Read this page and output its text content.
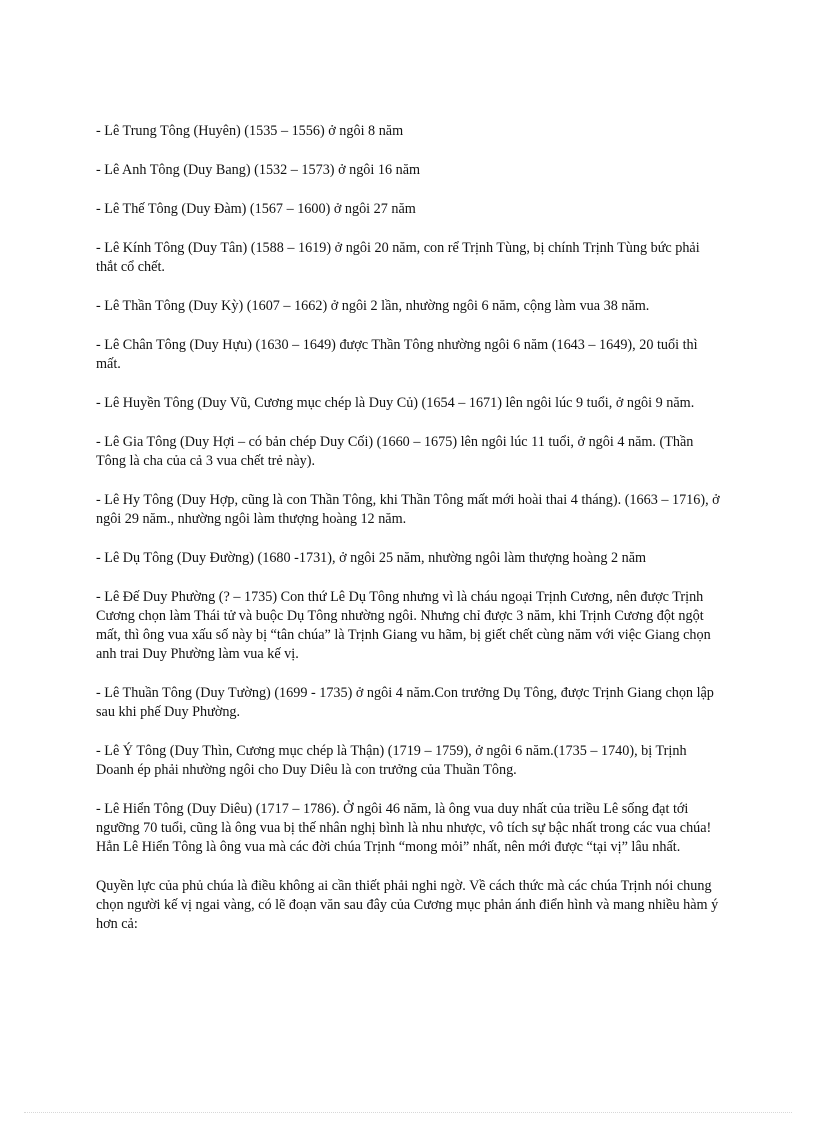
- Lê Trung Tông (Huyên) (1535 – 1556) ở ngôi 8 năm

- Lê Anh Tông (Duy Bang) (1532 – 1573) ở ngôi 16 năm

- Lê Thế Tông (Duy Đàm) (1567 – 1600) ở ngôi 27 năm

- Lê Kính Tông (Duy Tân) (1588 – 1619) ở ngôi 20 năm, con rể Trịnh Tùng, bị chính Trịnh Tùng bức phải thắt cổ chết.

- Lê Thần Tông (Duy Kỳ) (1607 – 1662) ở ngôi 2 lần, nhường ngôi 6 năm, cộng làm vua 38 năm.

- Lê Chân Tông (Duy Hựu) (1630 – 1649) được Thần Tông nhường ngôi 6 năm (1643 – 1649), 20 tuổi thì mất.

- Lê Huyền Tông (Duy Vũ, Cương mục chép là Duy Củ) (1654 – 1671) lên ngôi lúc 9 tuổi, ở ngôi 9 năm.

- Lê Gia Tông (Duy Hợi – có bản chép Duy Cối) (1660 – 1675) lên ngôi lúc 11 tuổi, ở ngôi 4 năm. (Thần Tông là cha của cả 3 vua chết trẻ này).

- Lê Hy Tông (Duy Hợp, cũng là con Thần Tông, khi Thần Tông mất mới hoài thai 4 tháng). (1663 – 1716), ở ngôi 29 năm., nhường ngôi làm thượng hoàng 12 năm.

- Lê Dụ Tông (Duy Đường) (1680 -1731), ở ngôi 25 năm, nhường ngôi làm thượng hoàng 2 năm

- Lê Đế Duy Phường (? – 1735) Con thứ Lê Dụ Tông nhưng vì là cháu ngoại Trịnh Cương, nên được Trịnh Cương chọn làm Thái tử và buộc Dụ Tông nhường ngôi. Nhưng chỉ được 3 năm, khi Trịnh Cương đột ngột mất, thì ông vua xấu số này bị “tân chúa” là Trịnh Giang vu hãm, bị giết chết cùng năm với việc Giang chọn anh trai Duy Phường làm vua kế vị.

- Lê Thuần Tông (Duy Tường) (1699 - 1735) ở ngôi 4 năm.Con trưởng Dụ Tông, được Trịnh Giang chọn lập sau khi phế Duy Phường.

- Lê Ý Tông (Duy Thìn, Cương mục chép là Thận) (1719 – 1759), ở ngôi 6 năm.(1735 – 1740), bị Trịnh Doanh ép phải nhường ngôi cho Duy Diêu là con trưởng của Thuần Tông.

- Lê Hiển Tông (Duy Diêu) (1717 – 1786). Ở ngôi 46 năm, là ông vua duy nhất của triều Lê sống đạt tới ngưỡng 70 tuổi, cũng là ông vua bị thế nhân nghị bình là nhu nhược, vô tích sự bậc nhất trong các vua chúa! Hẳn Lê Hiển Tông là ông vua mà các đời chúa Trịnh “mong mỏi” nhất, nên mới được “tại vị” lâu nhất.

Quyền lực của phủ chúa là điều không ai cần thiết phải nghi ngờ. Về cách thức mà các chúa Trịnh nói chung chọn người kế vị ngai vàng, có lẽ đoạn văn sau đây của Cương mục phản ánh điển hình và mang nhiều hàm ý hơn cả:
